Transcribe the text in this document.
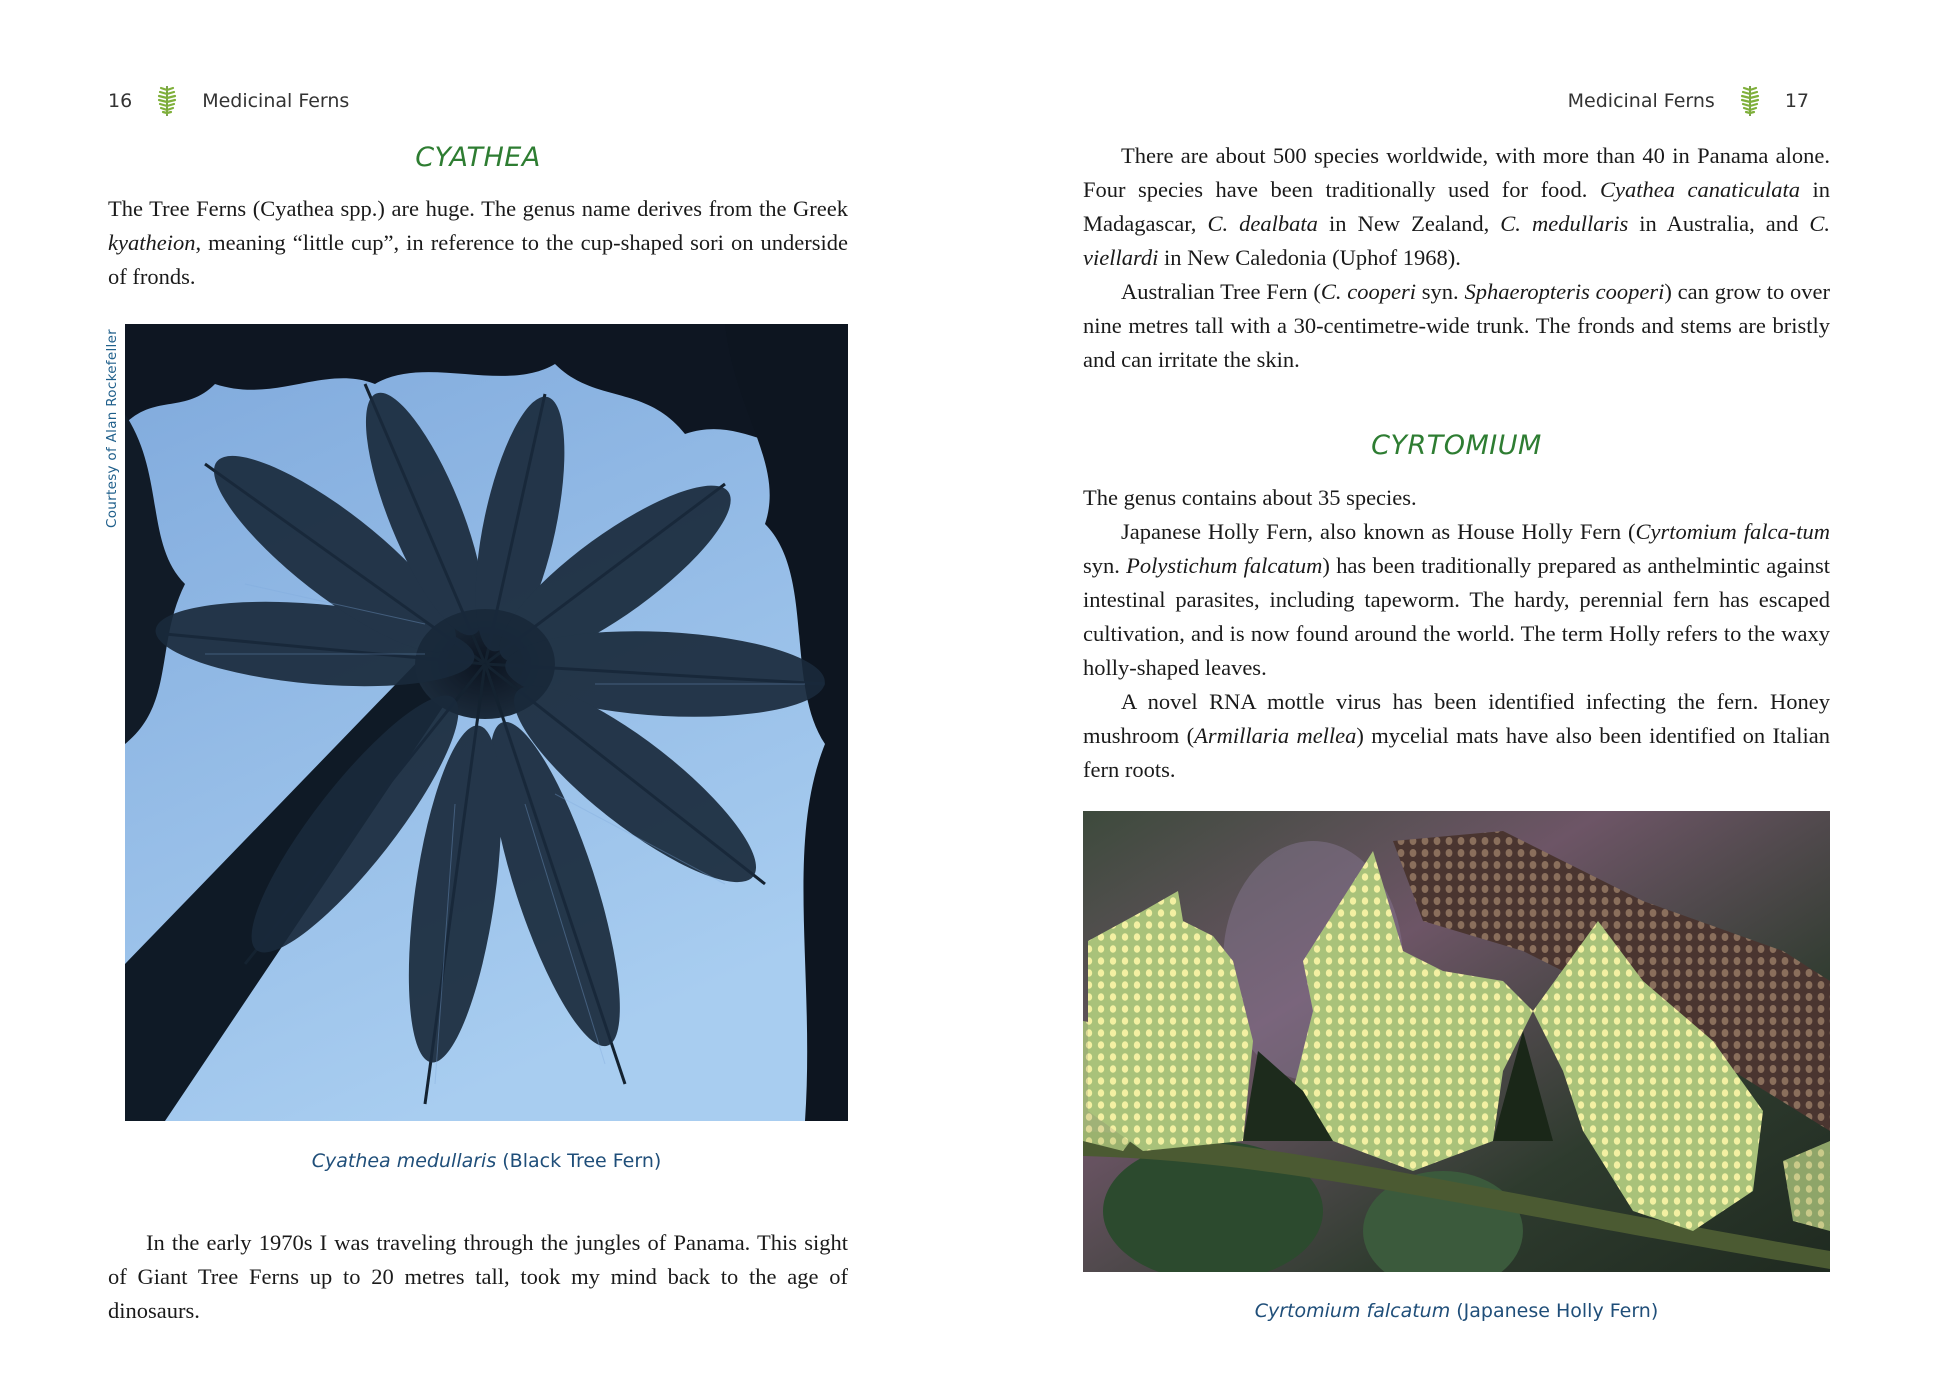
16	Medicinal Ferns
CYATHEA

The Tree Ferns (Cyathea spp.) are huge. The genus name derives from the Greek kyatheion, meaning “little cup”, in reference to the cup-shaped sori on underside of fronds.

Courtesy of Alan Rockefeller
Cyathea medullaris (Black Tree Fern)

In the early 1970s I was traveling through the jungles of Panama. This sight of Giant Tree Ferns up to 20 metres tall, took my mind back to the age of dinosaurs.

Medicinal Ferns	17

There are about 500 species worldwide, with more than 40 in Panama alone. Four species have been traditionally used for food. Cyathea canaticulata in Madagascar, C. dealbata in New Zealand, C. medullaris in Australia, and C. viellardi in New Caledonia (Uphof 1968).

Australian Tree Fern (C. cooperi syn. Sphaeropteris cooperi) can grow to over nine metres tall with a 30-centimetre-wide trunk. The fronds and stems are bristly and can irritate the skin.

CYRTOMIUM

The genus contains about 35 species.

Japanese Holly Fern, also known as House Holly Fern (Cyrtomium falca-tum syn. Polystichum falcatum) has been traditionally prepared as anthelmintic against intestinal parasites, including tapeworm. The hardy, perennial fern has escaped cultivation, and is now found around the world. The term Holly refers to the waxy holly-shaped leaves.

A novel RNA mottle virus has been identified infecting the fern. Honey mushroom (Armillaria mellea) mycelial mats have also been identified on Italian fern roots.

Cyrtomium falcatum (Japanese Holly Fern)
